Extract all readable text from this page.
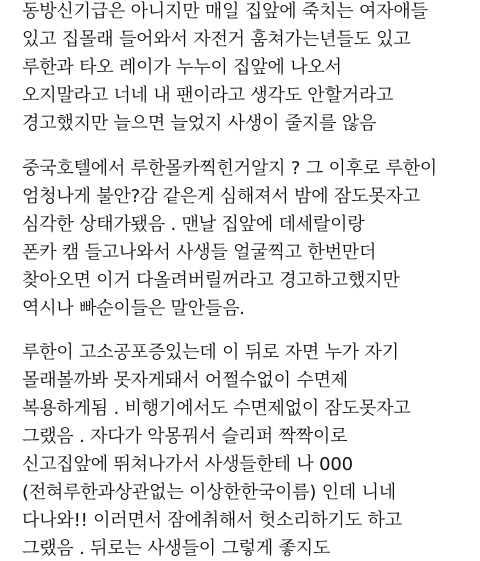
동방신기급은 아니지만 매일 집앞에 죽치는 여자애들

있고 집몰래 들어와서 자전거 훔쳐가는년들도 있고

루한과 타오 레이가 누누이 집앞에 나오서

오지말라고 너네 내 팬이라고 생각도 안할거라고

경고했지만 늘으면 늘었지 사생이 줄지를 않음

중국호텔에서 루한몰카찍힌거알지 ? 그 이후로 루한이

엄청나게 불안?감 같은게 심해져서 밤에 잠도못자고

심각한 상태가됐음 . 맨날 집앞에 데세랄이랑

폰카 캠 들고나와서 사생들 얼굴찍고 한번만더

찾아오면 이거 다올려버릴꺼라고 경고하고했지만

역시나 빠순이들은 말안들음.

루한이 고소공포증있는데 이 뒤로 자면 누가 자기

몰래볼까봐 못자게돼서 어쩔수없이 수면제

복용하게됨 . 비행기에서도 수면제없이 잠도못자고

그랬음 . 자다가 악몽꿔서 슬리퍼 짝짝이로

신고집앞에 뛰쳐나가서 사생들한테 나 000

(전혀루한과상관없는 이상한한국이름) 인데 니네

다나와!! 이러면서 잠에취해서 헛소리하기도 하고

그랬음 . 뒤로는 사생들이 그렇게 좋지도
